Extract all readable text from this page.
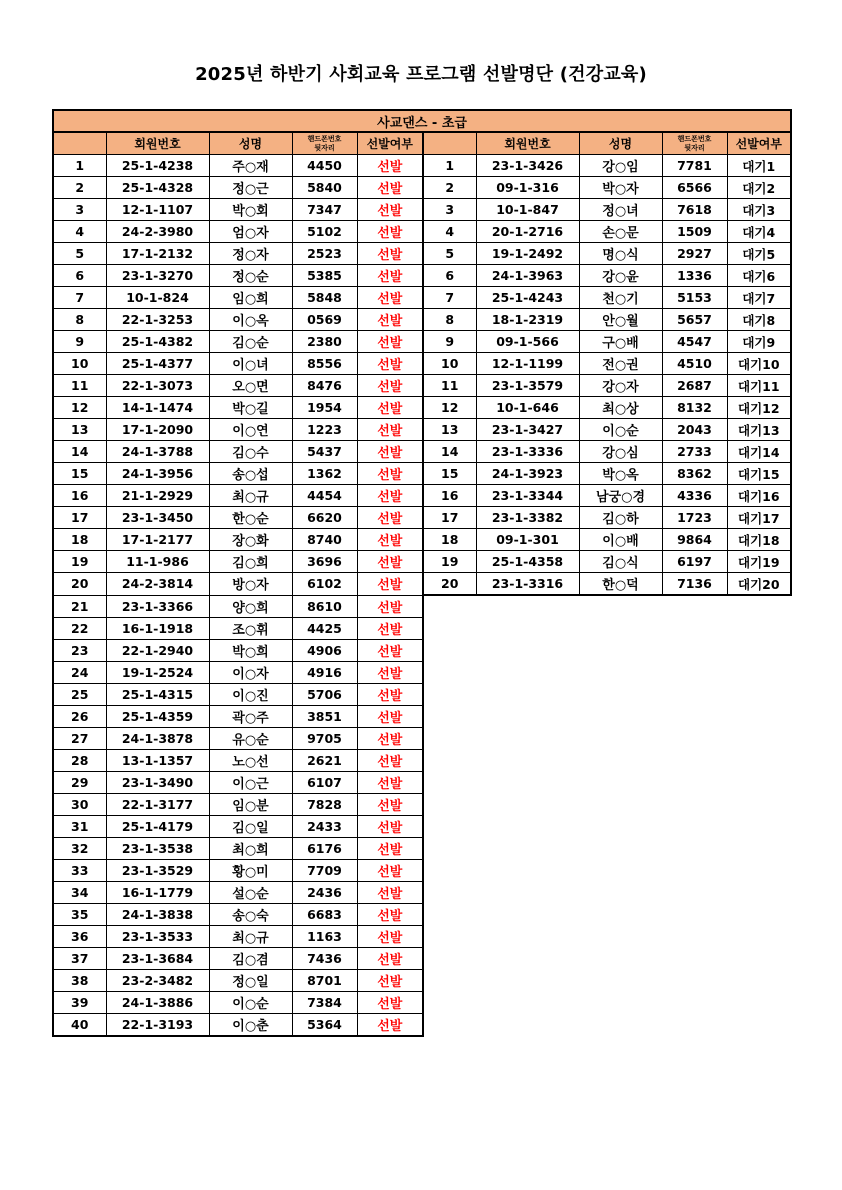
2025년 하반기 사회교육 프로그램 선발명단 (건강교육)
사교댄스 - 초급									
	회원번호	성명	핸드폰번호
뒷자리	선발여부		회원번호	성명	핸드폰번호
뒷자리	선발여부
1	25-1-4238	주○재	4450	선발	1	23-1-3426	강○임	7781	대기1
2	25-1-4328	정○근	5840	선발	2	09-1-316	박○자	6566	대기2
3	12-1-1107	박○회	7347	선발	3	10-1-847	정○녀	7618	대기3
4	24-2-3980	엄○자	5102	선발	4	20-1-2716	손○문	1509	대기4
5	17-1-2132	정○자	2523	선발	5	19-1-2492	명○식	2927	대기5
6	23-1-3270	정○순	5385	선발	6	24-1-3963	강○윤	1336	대기6
7	10-1-824	임○희	5848	선발	7	25-1-4243	천○기	5153	대기7
8	22-1-3253	이○옥	0569	선발	8	18-1-2319	안○월	5657	대기8
9	25-1-4382	김○순	2380	선발	9	09-1-566	구○배	4547	대기9
10	25-1-4377	이○녀	8556	선발	10	12-1-1199	전○권	4510	대기10
11	22-1-3073	오○면	8476	선발	11	23-1-3579	강○자	2687	대기11
12	14-1-1474	박○길	1954	선발	12	10-1-646	최○상	8132	대기12
13	17-1-2090	이○연	1223	선발	13	23-1-3427	이○순	2043	대기13
14	24-1-3788	김○수	5437	선발	14	23-1-3336	강○심	2733	대기14
15	24-1-3956	송○섭	1362	선발	15	24-1-3923	박○옥	8362	대기15
16	21-1-2929	최○규	4454	선발	16	23-1-3344	남궁○경	4336	대기16
17	23-1-3450	한○순	6620	선발	17	23-1-3382	김○하	1723	대기17
18	17-1-2177	장○화	8740	선발	18	09-1-301	이○배	9864	대기18
19	11-1-986	김○희	3696	선발	19	25-1-4358	김○식	6197	대기19
20	24-2-3814	방○자	6102	선발	20	23-1-3316	한○덕	7136	대기20
21	23-1-3366	양○희	8610	선발					
22	16-1-1918	조○휘	4425	선발					
23	22-1-2940	박○희	4906	선발					
24	19-1-2524	이○자	4916	선발					
25	25-1-4315	이○진	5706	선발					
26	25-1-4359	곽○주	3851	선발					
27	24-1-3878	유○순	9705	선발					
28	13-1-1357	노○선	2621	선발					
29	23-1-3490	이○근	6107	선발					
30	22-1-3177	임○분	7828	선발					
31	25-1-4179	김○일	2433	선발					
32	23-1-3538	최○희	6176	선발					
33	23-1-3529	황○미	7709	선발					
34	16-1-1779	설○순	2436	선발					
35	24-1-3838	송○숙	6683	선발					
36	23-1-3533	최○규	1163	선발					
37	23-1-3684	김○겸	7436	선발					
38	23-2-3482	정○일	8701	선발					
39	24-1-3886	이○순	7384	선발					
40	22-1-3193	이○춘	5364	선발					
